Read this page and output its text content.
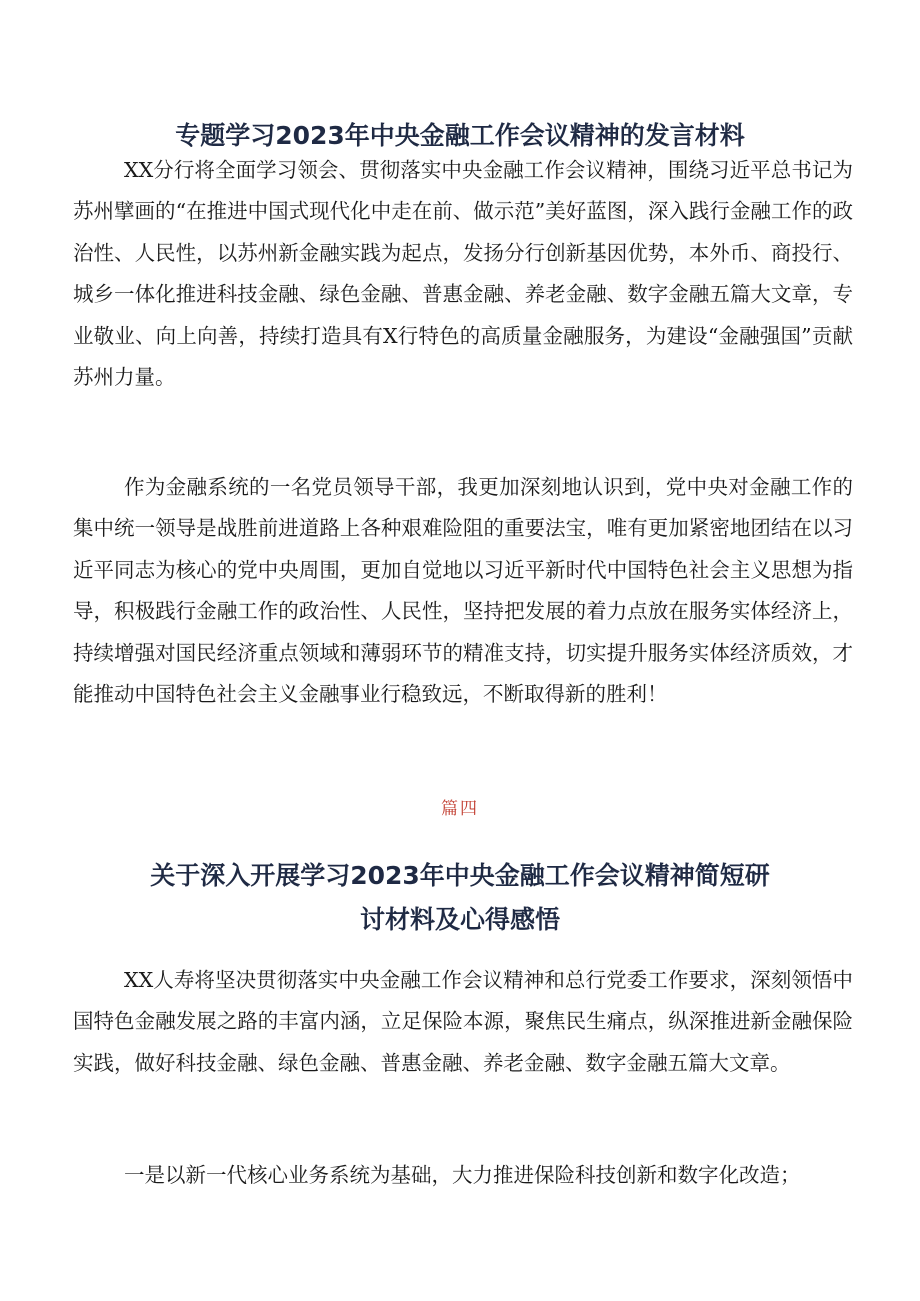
专题学习2023年中央金融工作会议精神的发言材料

XX分行将全面学习领会、贯彻落实中央金融工作会议精神，围绕习近平总书记为苏州擘画的“在推进中国式现代化中走在前、做示范”美好蓝图，深入践行金融工作的政治性、人民性，以苏州新金融实践为起点，发扬分行创新基因优势，本外币、商投行、城乡一体化推进科技金融、绿色金融、普惠金融、养老金融、数字金融五篇大文章，专业敬业、向上向善，持续打造具有X行特色的高质量金融服务，为建设“金融强国”贡献苏州力量。

作为金融系统的一名党员领导干部，我更加深刻地认识到，党中央对金融工作的集中统一领导是战胜前进道路上各种艰难险阻的重要法宝，唯有更加紧密地团结在以习近平同志为核心的党中央周围，更加自觉地以习近平新时代中国特色社会主义思想为指导，积极践行金融工作的政治性、人民性，坚持把发展的着力点放在服务实体经济上，持续增强对国民经济重点领域和薄弱环节的精准支持，切实提升服务实体经济质效，才能推动中国特色社会主义金融事业行稳致远，不断取得新的胜利！

篇四
关于深入开展学习2023年中央金融工作会议精神简短研
讨材料及心得感悟

XX人寿将坚决贯彻落实中央金融工作会议精神和总行党委工作要求，深刻领悟中国特色金融发展之路的丰富内涵，立足保险本源，聚焦民生痛点，纵深推进新金融保险实践，做好科技金融、绿色金融、普惠金融、养老金融、数字金融五篇大文章。

一是以新一代核心业务系统为基础，大力推进保险科技创新和数字化改造；
